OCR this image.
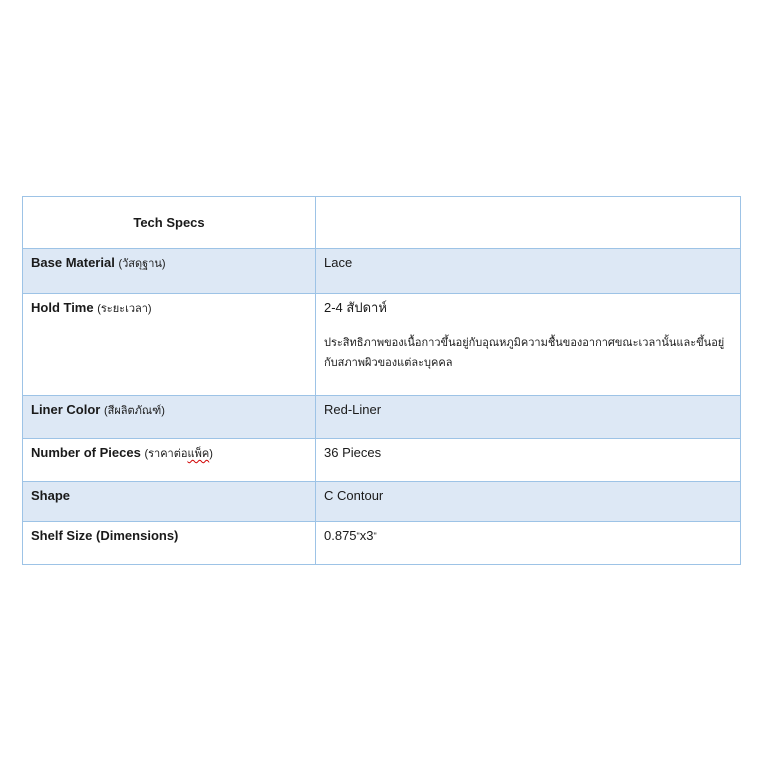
Tech Specs	

Base Material (วัสดุฐาน)	Lace

Hold Time (ระยะเวลา)	2-4 สัปดาห์
ประสิทธิภาพของเนื้อกาวขึ้นอยู่กับอุณหภูมิความชื้นของอากาศขณะเวลานั้นและขึ้นอยู่กับสภาพผิวของแต่ละบุคคล

Liner Color (สีผลิตภัณฑ์)	Red-Liner

Number of Pieces (ราคาต่อแพ็ค)	36 Pieces

Shape	C Contour

Shelf Size (Dimensions)	0.875"x3"
